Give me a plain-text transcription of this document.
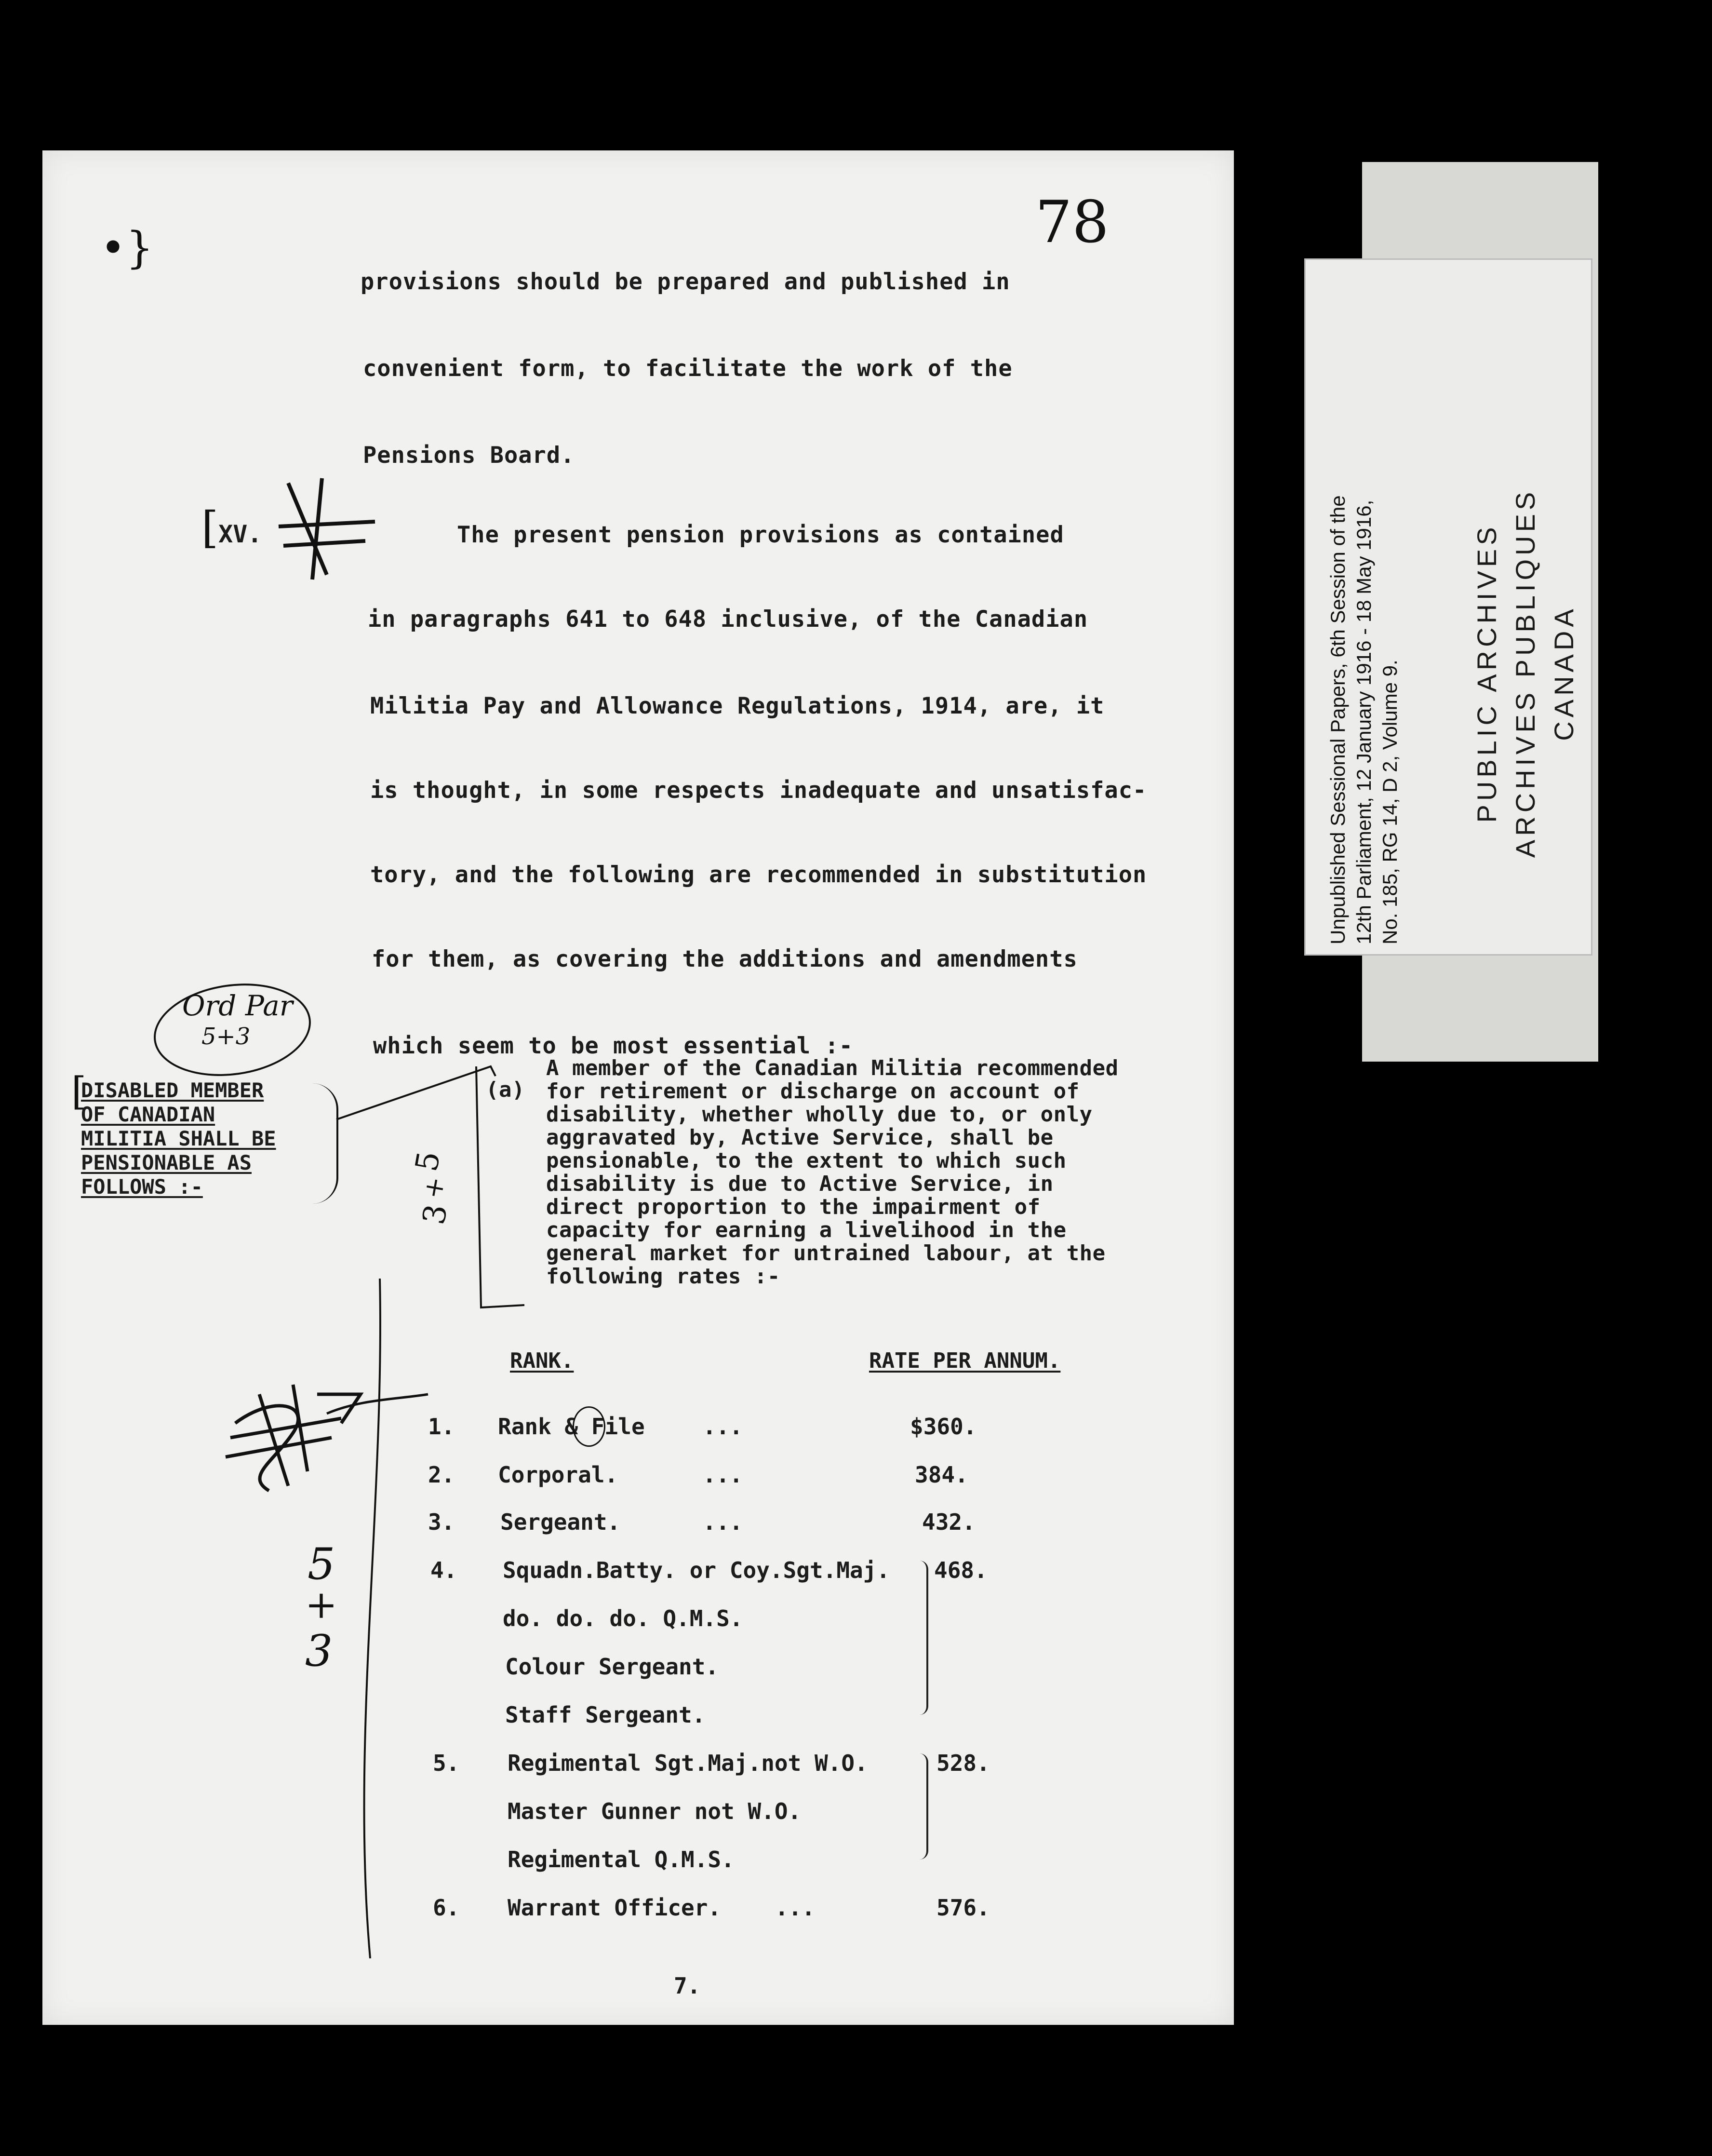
78
•}
provisions should be prepared and published in
convenient form, to facilitate the work of the
Pensions Board.
[XV.	The present pension provisions as contained
in paragraphs 641 to 648 inclusive, of the Canadian
Militia Pay and Allowance Regulations, 1914, are, it
is thought, in some respects inadequate and unsatisfac-
tory, and the following are recommended in substitution
for them, as covering the additions and amendments
which seem to be most essential :-
Ord Par
5+3
DISABLED MEMBER
OF CANADIAN
MILITIA SHALL BE
PENSIONABLE AS
FOLLOWS :-
[	(a)
A member of the Canadian Militia recommended
for retirement or discharge on account of
disability, whether wholly due to, or only
aggravated by, Active Service, shall be
pensionable, to the extent to which such
disability is due to Active Service, in
direct proportion to the impairment of
capacity for earning a livelihood in the
general market for untrained labour, at the
following rates :-
5
+
3
5
+
3
RANK.	RATE PER ANNUM.
1. Rank & File	...	$360.
2. Corporal.	...	384.
3. Sergeant.	...	432.
4. Squadn.Batty. or Coy.Sgt.Maj. 468.
do. do. do. Q.M.S.
Colour Sergeant.
Staff Sergeant.
5. Regimental Sgt.Maj.not W.O.	528.
Master Gunner not W.O.
Regimental Q.M.S.
6. Warrant Officer. ...	576.
7.
Unpublished Sessional Papers, 6th Session of the 12th Parliament, 12 January 1916 - 18 May 1916, No. 185, RG 14, D 2, Volume 9.	PUBLIC ARCHIVES ARCHIVES PUBLIQUES CANADA
